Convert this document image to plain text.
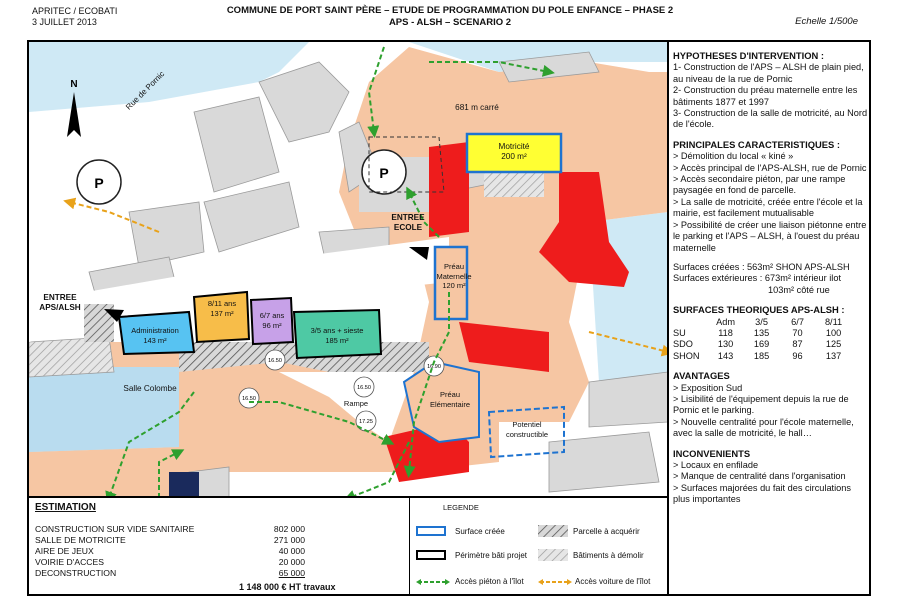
APRITEC / ECOBATI
3 JUILLET 2013
COMMUNE DE PORT SAINT PÈRE – ETUDE DE PROGRAMMATION DU POLE ENFANCE – PHASE 2
APS - ALSH – SCENARIO 2	Echelle 1/500e
P
P
16.50
17.25
16.90
16.50
16.50
N	Rue de Pornic	681 m carré
ENTREE
ECOLE
ENTREE
APS/ALSH
Motricité
200 m²
Préau
Maternelle
120 m²
Préau
Elémentaire
Potentiel
constructible
Administration
143 m²
8/11 ans
137 m²	6/7 ans
96 m²
3/5 ans + sieste
185 m²
Salle Colombe
Rampe
HYPOTHESES D'INTERVENTION :

1- Construction de l'APS – ALSH de plain pied, au niveau de la rue de Pornic

2- Construction du préau maternelle entre les bâtiments 1877 et 1997

3- Construction de la salle de motricité, au Nord de l'école.

PRINCIPALES CARACTERISTIQUES :

> Démolition du local « kiné »

> Accès principal de l'APS-ALSH, rue de Pornic

> Accès secondaire piéton, par une rampe paysagée en fond de parcelle.

> La salle de motricité, créée entre l'école et la mairie, est facilement mutualisable

> Possibilité de créer une liaison piétonne entre le parking et l'APS – ALSH, à l'ouest du préau maternelle

Surfaces créées : 563m² SHON APS-ALSH

Surfaces extérieures : 673m² intérieur ilot

103m² côté rue

SURFACES THEORIQUES APS-ALSH :
	Adm	3/5	6/7	8/11
SU	118	135	70	100
SDO	130	169	87	125
SHON	143	185	96	137
AVANTAGES

> Exposition Sud

> Lisibilité de l'équipement depuis la rue de Pornic et le parking.

> Nouvelle centralité pour l'école maternelle, avec la salle de motricité, le hall…

INCONVENIENTS

> Locaux en enfilade

> Manque de centralité dans l'organisation

> Surfaces majorées du fait des circulations plus importantes

ESTIMATION
CONSTRUCTION SUR VIDE SANITAIRE	802 000
SALLE DE MOTRICITE	271 000
AIRE DE JEUX	40 000
VOIRIE D'ACCES	20 000
DECONSTRUCTION	65 000
1 148 000 € HT travaux
LEGENDE
Surface créée
Périmètre bâti projet
Accès piéton à l'îlot
Parcelle à acquérir
Bâtiments à démolir
Accès voiture de l'îlot
